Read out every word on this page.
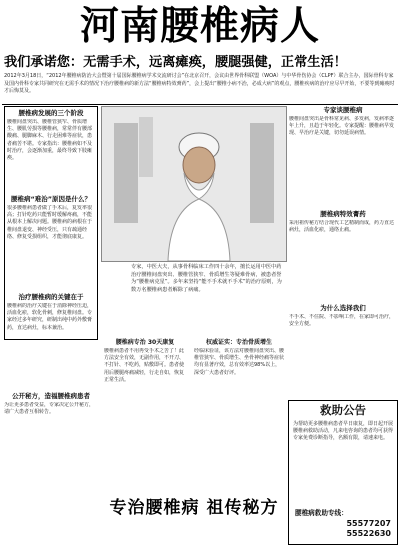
河南腰椎病人
我们承诺您：无需手术，远离瘫痪，腰腿强健，正常生活！
2012年3月18日，“2012年腰椎病防治大会暨第十届国际腰椎病学术交流研讨会”在北京召开，会议由世界骨科联盟（WOA）与中华骨伤协会（CLPF）联合主办，国际骨科专家及国内骨科专家共同研究在无需手术的情况下治疗腰椎病的新方法“腰椎病特效膏药”，会上提出“腰椎小病不治，必成大病”的观点，腰椎疾病的治疗应尽早开始，不要等到瘫痪时才后悔莫及。
腰椎病发展的三个阶段
腰椎间盘突出、腰椎管狭窄、骨质增生、腰肌劳损等腰椎病，常常伴有腰部酸痛、腿脚麻木、行走困难等症状，患者痛苦不堪。专家指出：腰椎病如不及时治疗，会逐渐加重，最终导致下肢瘫痪。
腰椎病“难治”原因是什么？
很多腰椎病患者做了手术后，复发率很高；打针吃药只能暂时缓解疼痛，不能从根本上解决问题。腰椎病的病根在于椎间盘退变、神经受压，只有疏通经络、修复受损组织，才能彻底康复。
治疗腰椎病的关键在于
腰椎病的治疗关键在于消除神经压迫，活血化瘀，软化骨刺，修复椎间盘。专家经过多年研究，研制出纯中药外敷膏药，直达病灶，标本兼治。
公开秘方，造福腰椎病患者
为让更多患者受益，专家决定公开秘方，请广大患者互相转告。
专家，中医大夫，从事骨科临床工作四十余年，擅长运用中医中药治疗腰椎间盘突出、腰椎管狭窄、骨质增生等疑难骨病，被患者誉为“腰椎病克星”。多年来坚持“能不手术就不手术”的治疗原则，为数万名腰椎病患者解除了病痛。
腰椎病专治 30天康复
腰椎病患者不用再受手术之苦了！此方法安全有效，无副作用，不开刀、不打针、不吃药，贴敷即可。患者使用后腰腿疼痛减轻，行走自如，恢复正常生活。
权威证实：专治骨质增生
经临床验证，该方法对腰椎间盘突出、腰椎管狭窄、骨质增生、坐骨神经痛等症状均有显著疗效，总有效率达98%以上，深受广大患者好评。
专治腰椎病 祖传秘方
专家谈腰椎病
腰椎间盘突出是骨科常见病、多发病，发病率逐年上升，且趋于年轻化。专家提醒：腰椎病早发现、早治疗是关键，切勿延误病情。
腰椎病特效膏药
采用祖传秘方结合现代工艺精制而成，药力直达病灶，活血化瘀，通络止痛。
为什么选择我们
不手术、不住院、不影响工作，在家即可治疗，安全方便。
救助公告
为帮助更多腰椎病患者早日康复，即日起开展腰椎病救助活动，凡来电咨询的患者均可获得专家免费诊断指导，名额有限，请速来电。
腰椎病救助专线：
55577207
55522630
